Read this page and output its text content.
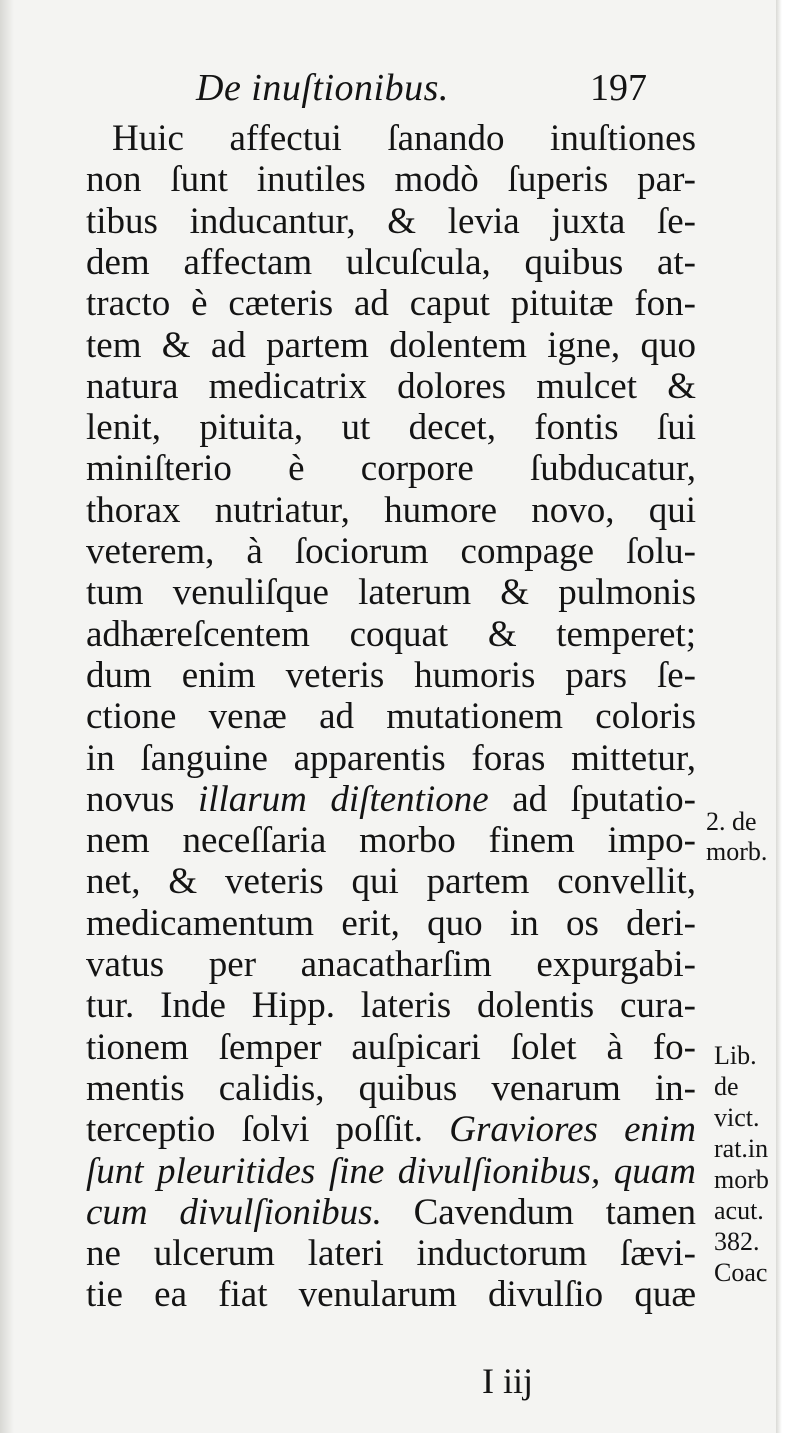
De inuſtionibus.	197
Huic affectui ſanando inuſtiones
non ſunt inutiles modò ſuperis par-
tibus inducantur, & levia juxta ſe-
dem affectam ulcuſcula, quibus at-
tracto è cæteris ad caput pituitæ fon-
tem & ad partem dolentem igne, quo
natura medicatrix dolores mulcet &
lenit, pituita, ut decet, fontis ſui
miniſterio è corpore ſubducatur,
thorax nutriatur, humore novo, qui
veterem, à ſociorum compage ſolu-
tum venuliſque laterum & pulmonis
adhæreſcentem coquat & temperet;
dum enim veteris humoris pars ſe-
ctione venæ ad mutationem coloris
in ſanguine apparentis foras mittetur,
novus illarum diſtentione ad ſputatio-
nem neceſſaria morbo finem impo-
net, & veteris qui partem convellit,
medicamentum erit, quo in os deri-
vatus per anacatharſim expurgabi-
tur. Inde Hipp. lateris dolentis cura-
tionem ſemper auſpicari ſolet à fo-
mentis calidis, quibus venarum in-
terceptio ſolvi poſſit. Graviores enim
ſunt pleuritides ſine divulſionibus, quam
cum divulſionibus. Cavendum tamen
ne ulcerum lateri inductorum ſævi-
tie ea fiat venularum divulſio quæ
2. de
morb.
Lib.
de
vict.
rat.in
morb
acut.
382.
Coac
I iij
